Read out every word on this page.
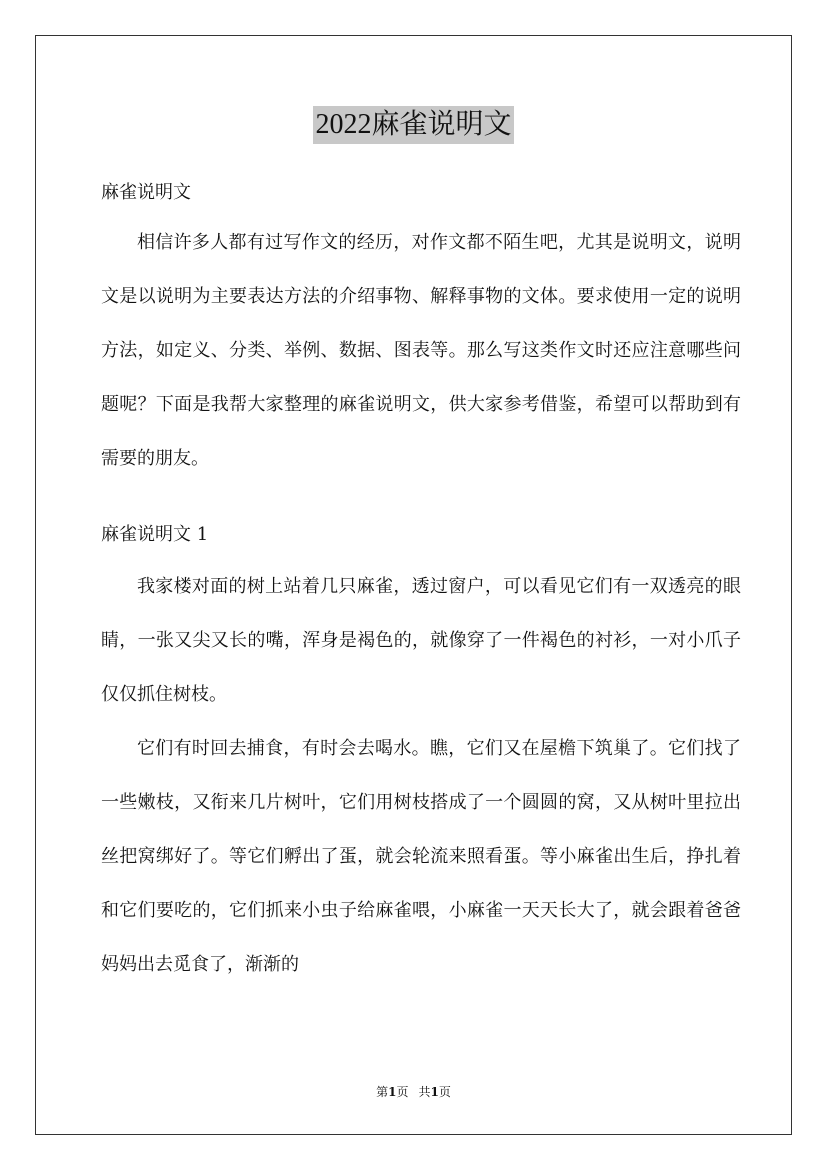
2022麻雀说明文

麻雀说明文

相信许多人都有过写作文的经历，对作文都不陌生吧，尤其是说明文，说明文是以说明为主要表达方法的介绍事物、解释事物的文体。要求使用一定的说明方法，如定义、分类、举例、数据、图表等。那么写这类作文时还应注意哪些问题呢？下面是我帮大家整理的麻雀说明文，供大家参考借鉴，希望可以帮助到有需要的朋友。

麻雀说明文 1

我家楼对面的树上站着几只麻雀，透过窗户，可以看见它们有一双透亮的眼睛，一张又尖又长的嘴，浑身是褐色的，就像穿了一件褐色的衬衫，一对小爪子仅仅抓住树枝。

它们有时回去捕食，有时会去喝水。瞧，它们又在屋檐下筑巢了。它们找了一些嫩枝，又衔来几片树叶，它们用树枝搭成了一个圆圆的窝，又从树叶里拉出丝把窝绑好了。等它们孵出了蛋，就会轮流来照看蛋。等小麻雀出生后，挣扎着和它们要吃的，它们抓来小虫子给麻雀喂，小麻雀一天天长大了，就会跟着爸爸妈妈出去觅食了，渐渐的

第1页 共1页
